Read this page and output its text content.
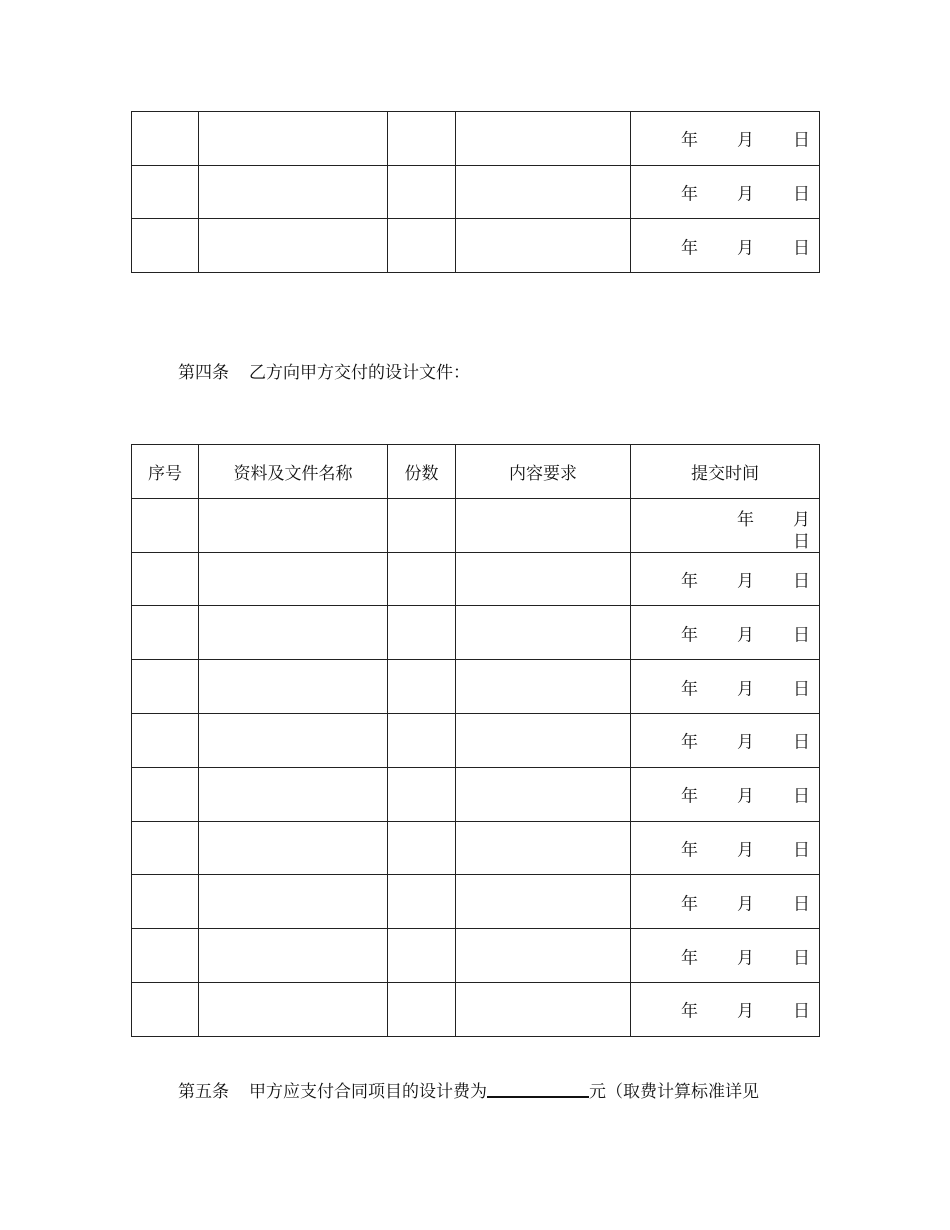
				年 月 日

				年 月 日

				年 月 日
第四条 乙方向甲方交付的设计文件：
序号	资料及文件名称	份数	内容要求	提交时间

				年 月
日

				年 月 日

				年 月 日

				年 月 日

				年 月 日

				年 月 日

				年 月 日

				年 月 日

				年 月 日

				年 月 日
第五条 甲方应支付合同项目的设计费为	元（取费计算标准详见
